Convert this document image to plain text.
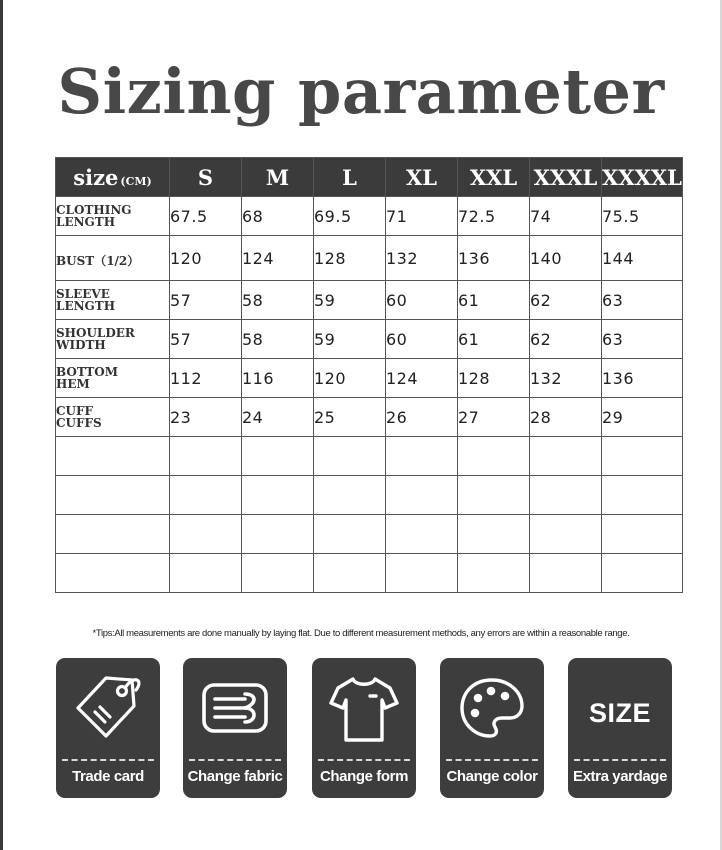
Sizing parameter
size (CM)	S	M	L	XL	XXL	XXXL	XXXXL
CLOTHING
LENGTH	67.5	68	69.5	71	72.5	74	75.5
BUST（1/2）	120	124	128	132	136	140	144
SLEEVE
LENGTH	57	58	59	60	61	62	63
SHOULDER
WIDTH	57	58	59	60	61	62	63
BOTTOM
HEM	112	116	120	124	128	132	136
CUFF
CUFFS	23	24	25	26	27	28	29

*Tips:All measurements are done manually by laying flat. Due to different measurement methods, any errors are within a reasonable range.
Trade card	Change fabric	Change form	Change color
SIZE
Extra yardage
